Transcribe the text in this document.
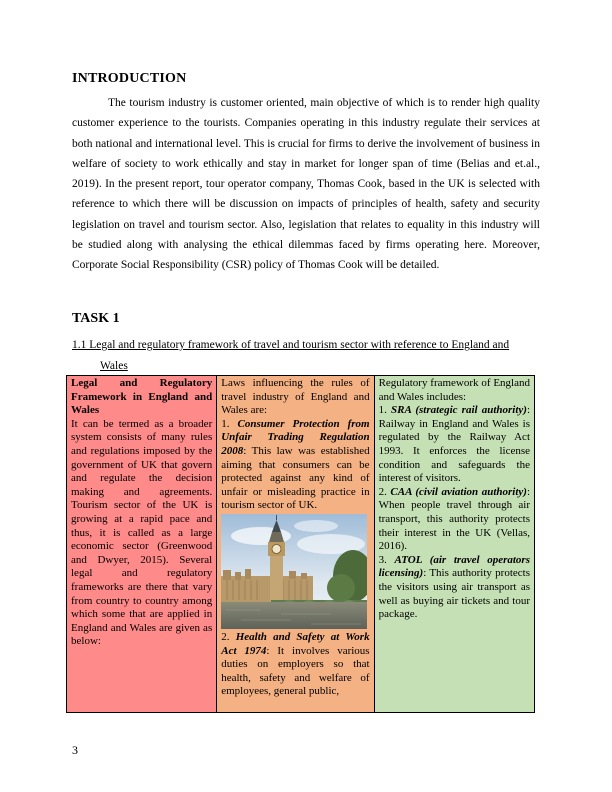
INTRODUCTION

The tourism industry is customer oriented, main objective of which is to render high quality customer experience to the tourists. Companies operating in this industry regulate their services at both national and international level. This is crucial for firms to derive the involvement of business in welfare of society to work ethically and stay in market for longer span of time (Belias and et.al., 2019). In the present report, tour operator company, Thomas Cook, based in the UK is selected with reference to which there will be discussion on impacts of principles of health, safety and security legislation on travel and tourism sector. Also, legislation that relates to equality in this industry will be studied along with analysing the ethical dilemmas faced by firms operating here. Moreover, Corporate Social Responsibility (CSR) policy of Thomas Cook will be detailed.

TASK 1
1.1 Legal and regulatory framework of travel and tourism sector with reference to England and
Wales
Legal and Regulatory Framework in England and Wales
It can be termed as a broader system consists of many rules and regulations imposed by the government of UK that govern and regulate the decision making and agreements. Tourism sector of the UK is growing at a rapid pace and thus, it is called as a large economic sector (Greenwood and Dwyer, 2015). Several legal and regulatory frameworks are there that vary from country to country among which some that are applied in England and Wales are given as below:	Laws influencing the rules of travel industry of England and Wales are:
1. Consumer Protection from Unfair Trading Regulation 2008: This law was established aiming that consumers can be protected against any kind of unfair or misleading practice in tourism sector of UK.
2. Health and Safety at Work Act 1974: It involves various duties on employers so that health, safety and welfare of employees, general public,	Regulatory framework of England and Wales includes:
1. SRA (strategic rail authority): Railway in England and Wales is regulated by the Railway Act 1993. It enforces the license condition and safeguards the interest of visitors.
2. CAA (civil aviation authority): When people travel through air transport, this authority protects their interest in the UK (Vellas, 2016).
3. ATOL (air travel operators licensing): This authority protects the visitors using air transport as well as buying air tickets and tour package.
3
